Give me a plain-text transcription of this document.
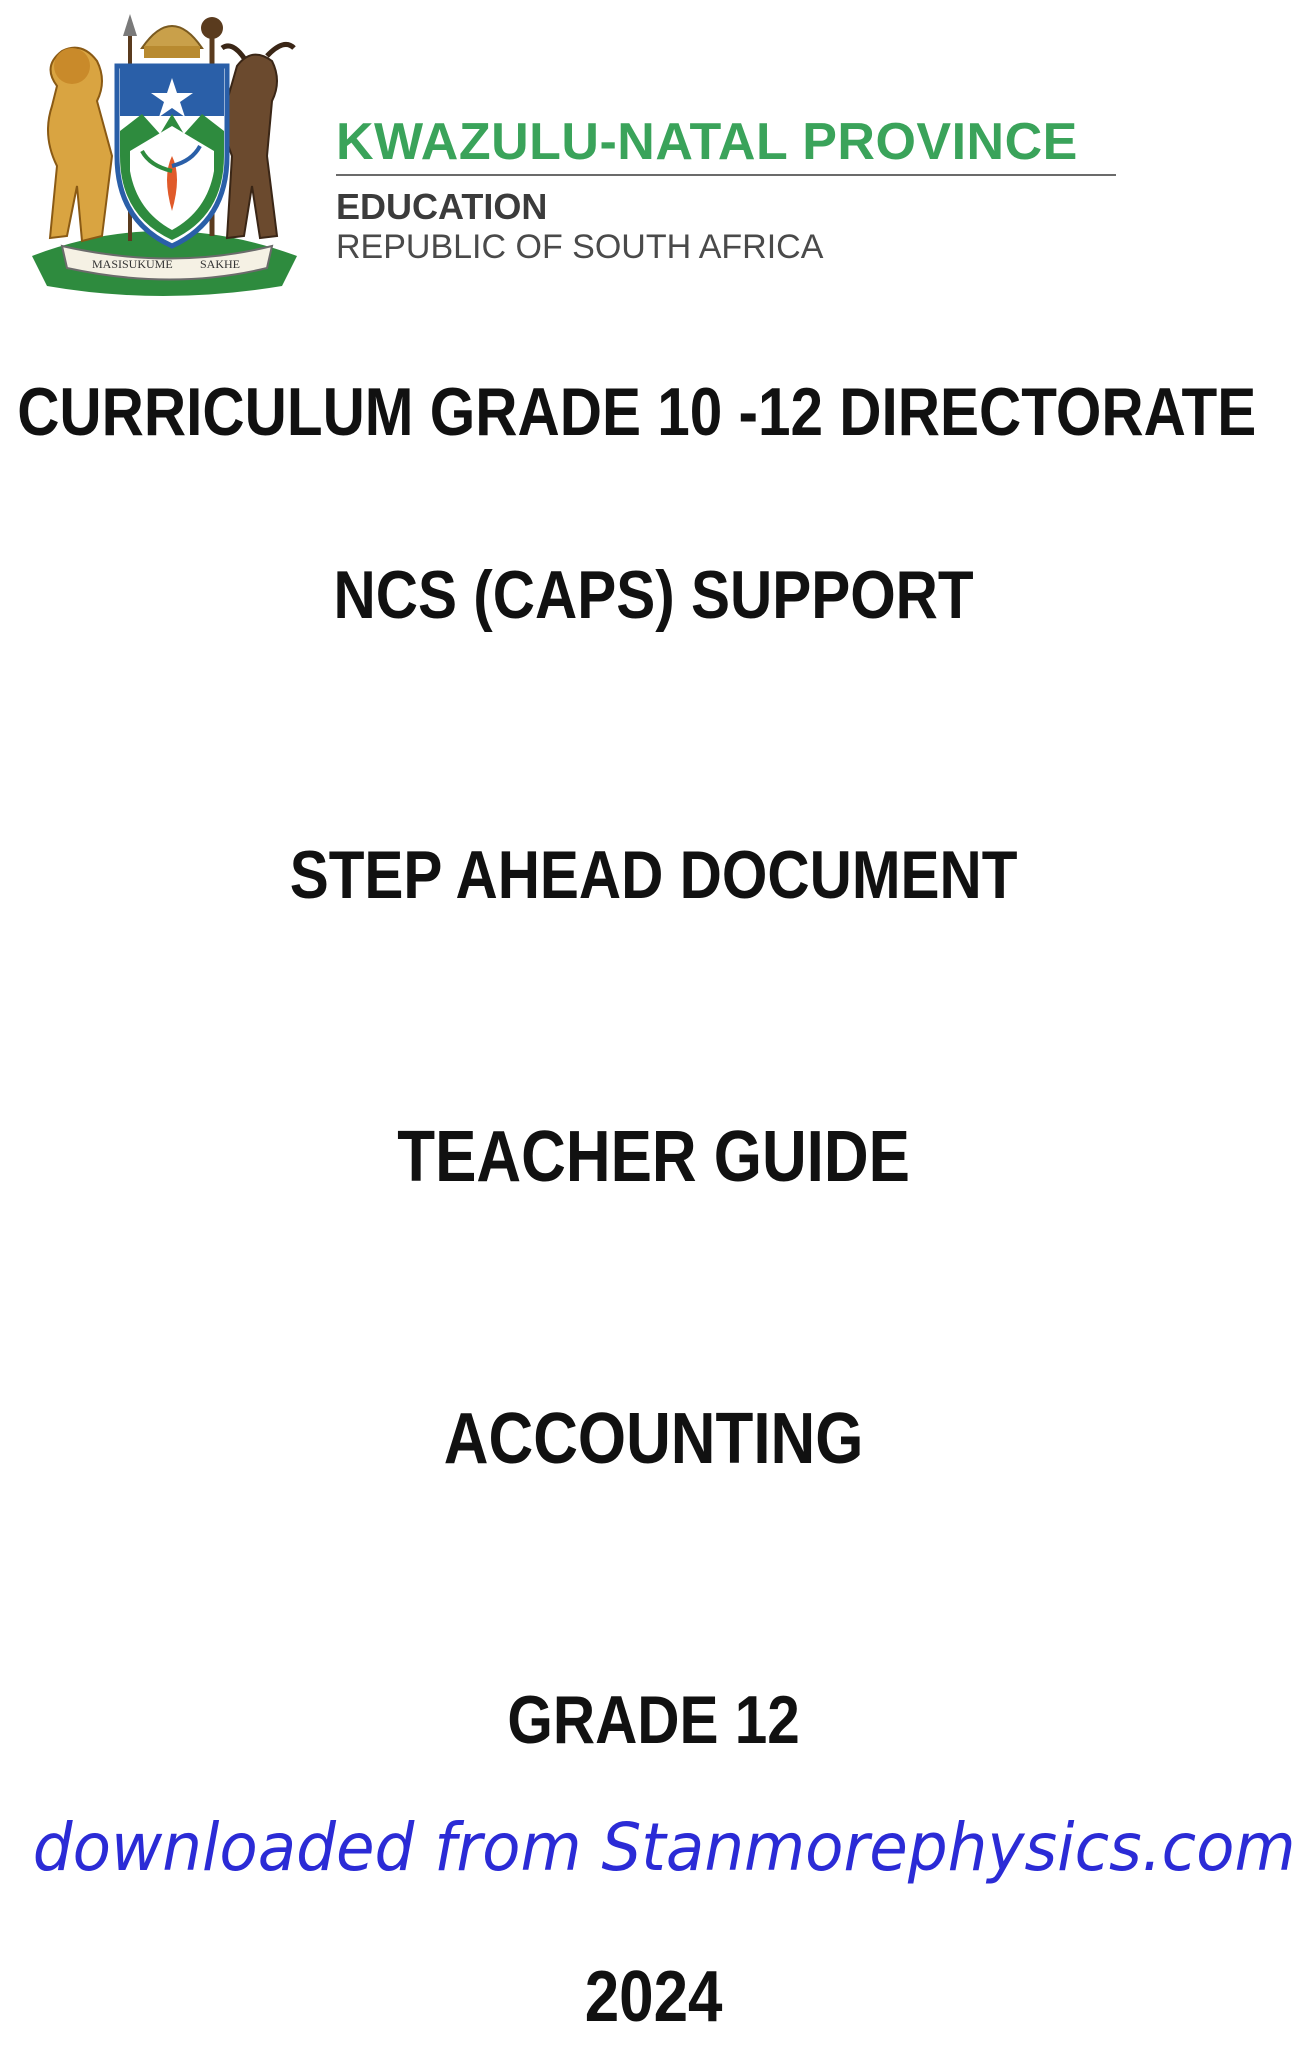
MASISUKUME SAKHE
KWAZULU-NATAL PROVINCE
EDUCATION
REPUBLIC OF SOUTH AFRICA
CURRICULUM GRADE 10 -12 DIRECTORATE
NCS (CAPS) SUPPORT
STEP AHEAD DOCUMENT
TEACHER GUIDE
ACCOUNTING
GRADE 12
downloaded from Stanmorephysics.com
2024
